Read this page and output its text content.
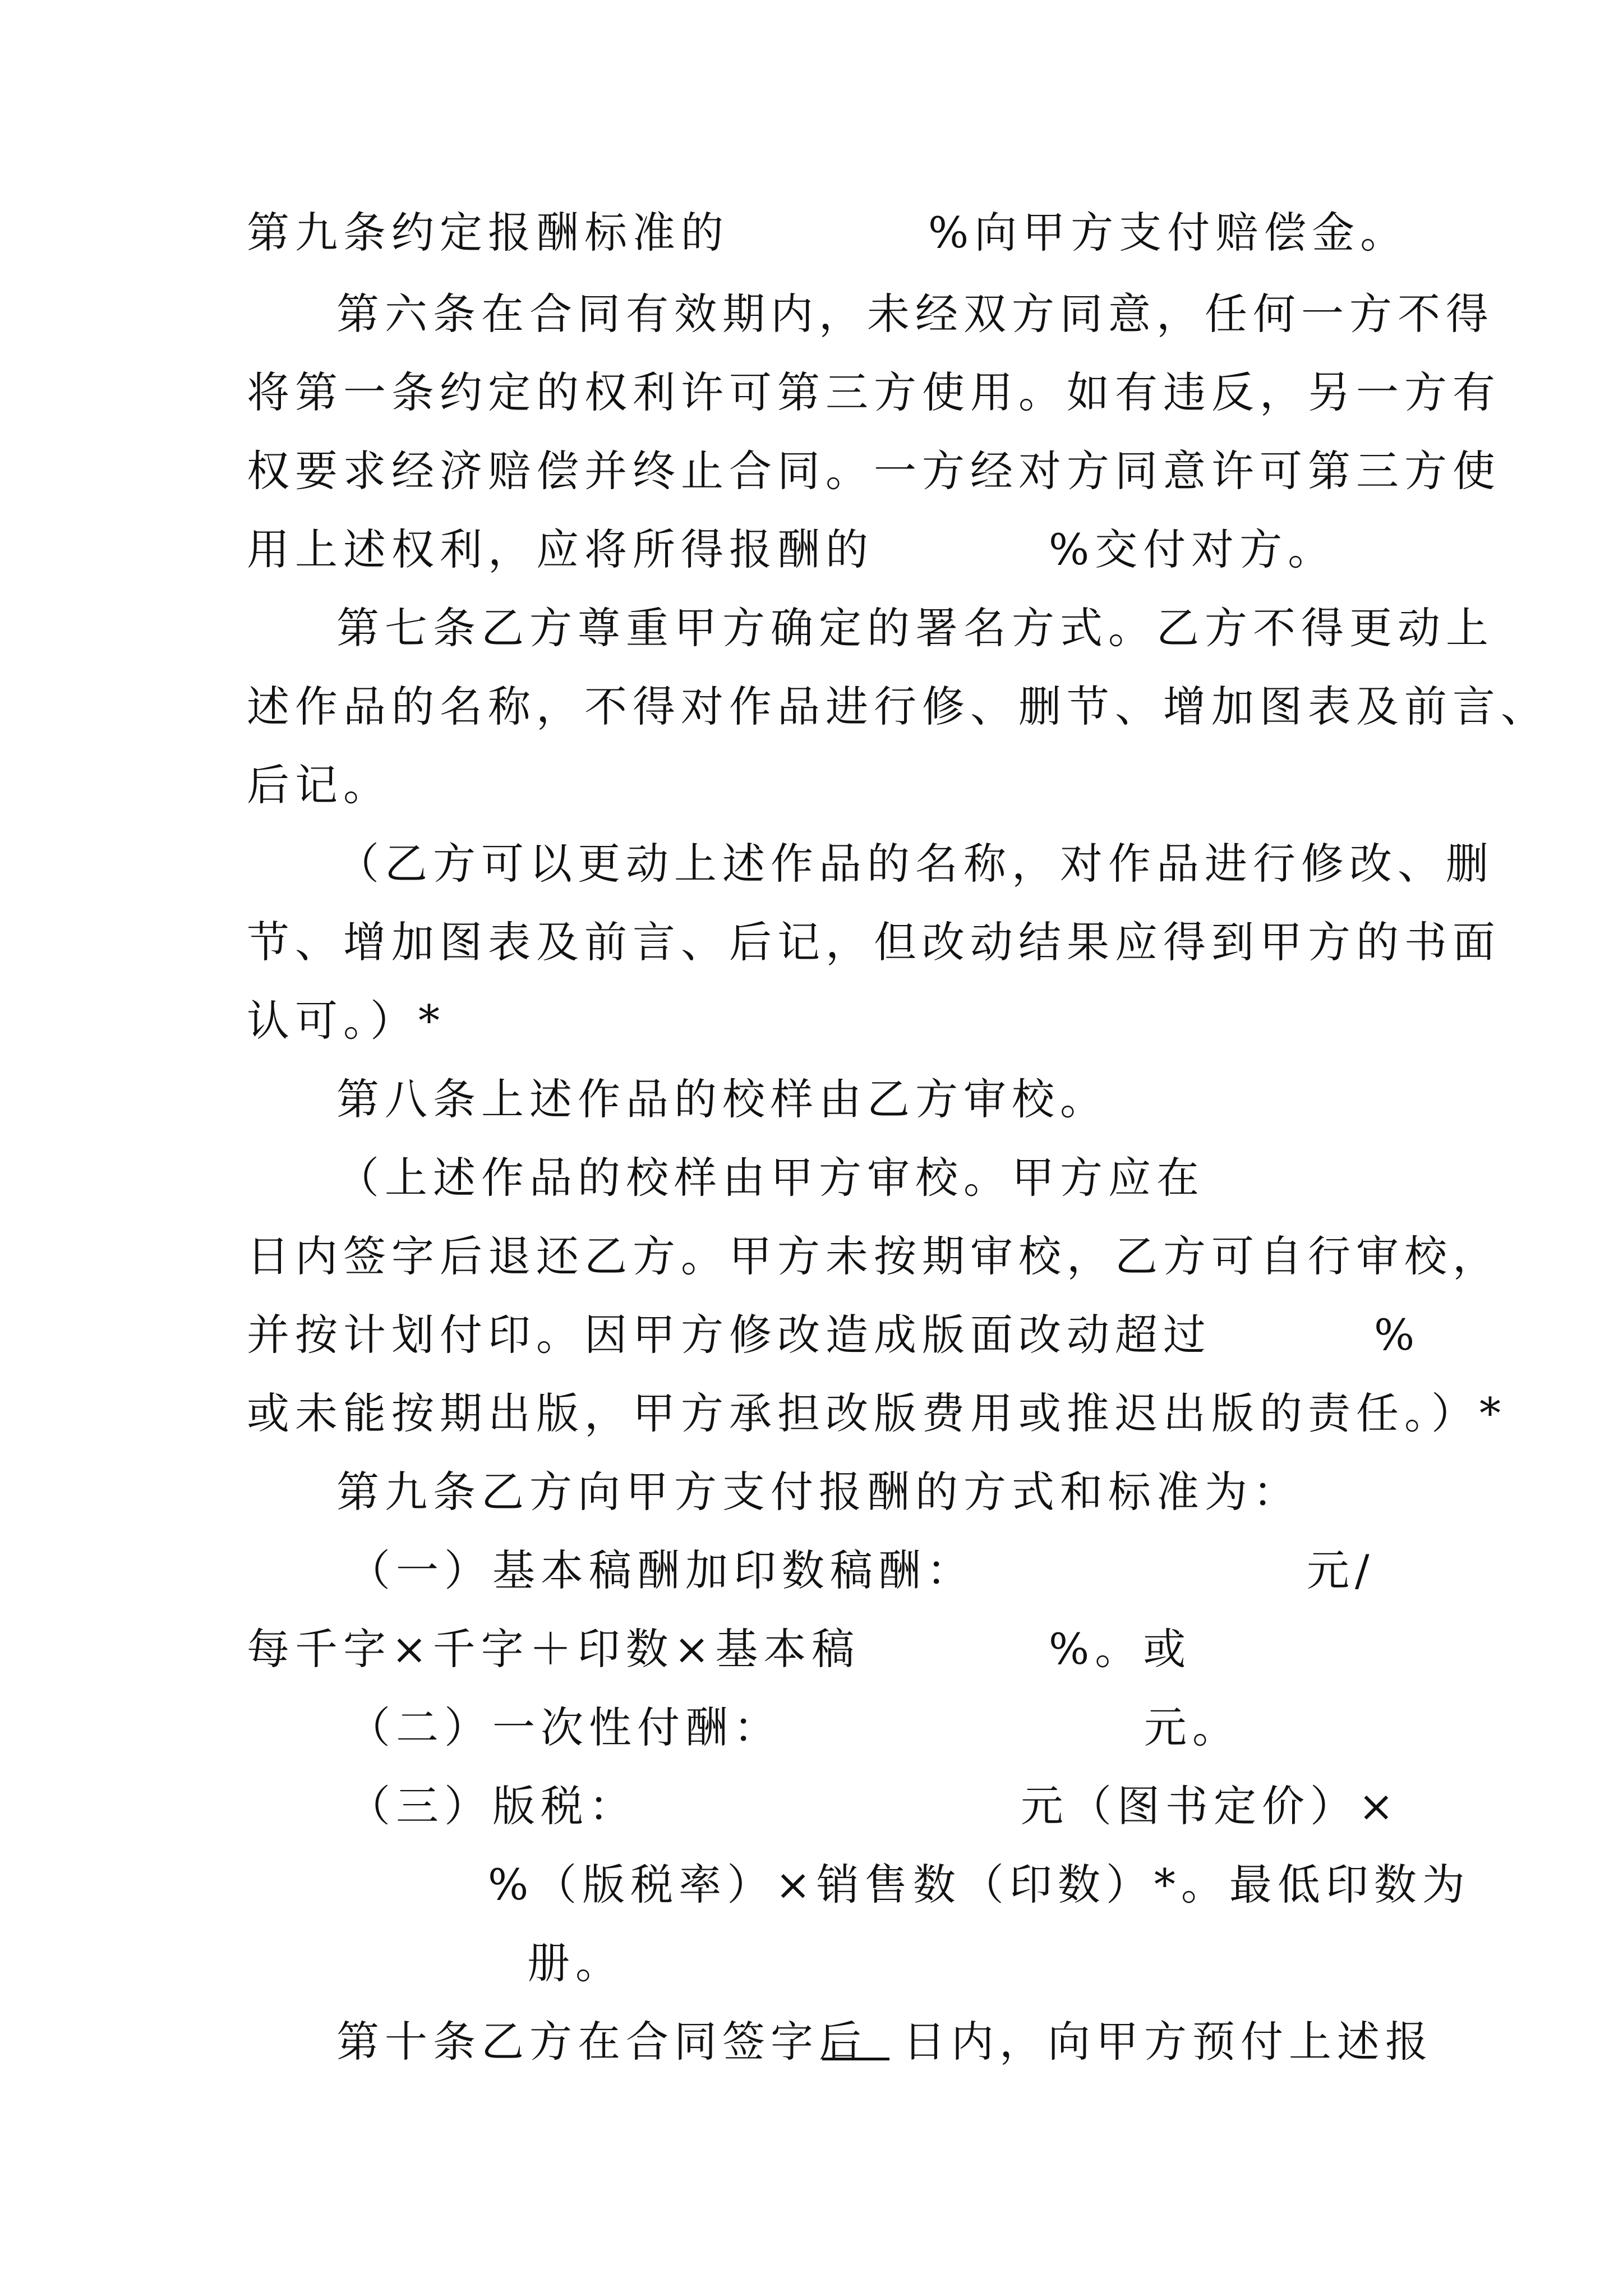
第九条约定报酬标准的

	%向甲方支付赔偿金。

第六条在合同有效期内，未经双方同意，任何一方不得

将第一条约定的权利许可第三方使用。如有违反，另一方有

权要求经济赔偿并终止合同。一方经对方同意许可第三方使

用上述权利，应将所得报酬的

	%交付对方。

第七条乙方尊重甲方确定的署名方式。乙方不得更动上

述作品的名称，不得对作品进行修、删节、增加图表及前言、

后记。

（乙方可以更动上述作品的名称，对作品进行修改、删

节、增加图表及前言、后记，但改动结果应得到甲方的书面

认可。）*

第八条上述作品的校样由乙方审校。

（上述作品的校样由甲方审校。甲方应在

日内签字后退还乙方。甲方未按期审校，乙方可自行审校，

并按计划付印。因甲方修改造成版面改动超过

	%

或未能按期出版，甲方承担改版费用或推迟出版的责任。）*

第九条乙方向甲方支付报酬的方式和标准为：

（一）基本稿酬加印数稿酬：

	元/

每千字×千字＋印数×基本稿

	%。或

（二）一次性付酬：

	元。

（三）版税：

	元（图书定价）×

%（版税率）×销售数（印数）*。最低印数为

册。

第十条乙方在合同签字后

日内，向甲方预付上述报
